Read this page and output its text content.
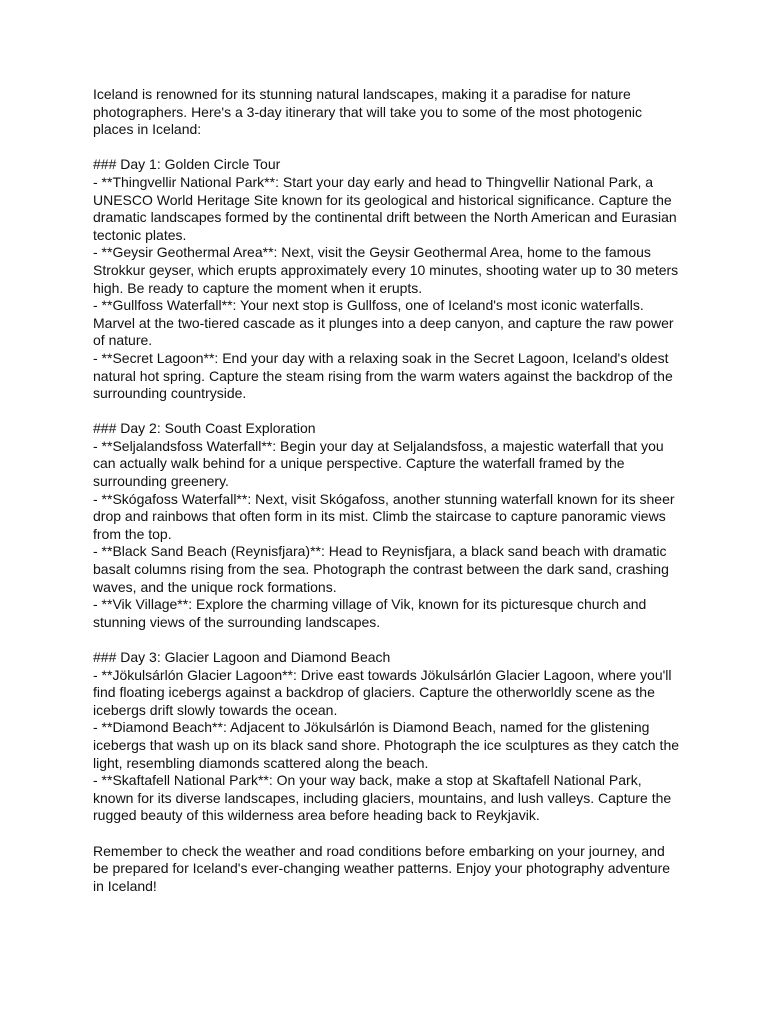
Iceland is renowned for its stunning natural landscapes, making it a paradise for nature photographers. Here's a 3-day itinerary that will take you to some of the most photogenic places in Iceland:

### Day 1: Golden Circle Tour

- **Thingvellir National Park**: Start your day early and head to Thingvellir National Park, a UNESCO World Heritage Site known for its geological and historical significance. Capture the dramatic landscapes formed by the continental drift between the North American and Eurasian tectonic plates.

- **Geysir Geothermal Area**: Next, visit the Geysir Geothermal Area, home to the famous Strokkur geyser, which erupts approximately every 10 minutes, shooting water up to 30 meters high. Be ready to capture the moment when it erupts.

- **Gullfoss Waterfall**: Your next stop is Gullfoss, one of Iceland's most iconic waterfalls. Marvel at the two-tiered cascade as it plunges into a deep canyon, and capture the raw power of nature.

- **Secret Lagoon**: End your day with a relaxing soak in the Secret Lagoon, Iceland's oldest natural hot spring. Capture the steam rising from the warm waters against the backdrop of the surrounding countryside.

### Day 2: South Coast Exploration

- **Seljalandsfoss Waterfall**: Begin your day at Seljalandsfoss, a majestic waterfall that you can actually walk behind for a unique perspective. Capture the waterfall framed by the surrounding greenery.

- **Skógafoss Waterfall**: Next, visit Skógafoss, another stunning waterfall known for its sheer drop and rainbows that often form in its mist. Climb the staircase to capture panoramic views from the top.

- **Black Sand Beach (Reynisfjara)**: Head to Reynisfjara, a black sand beach with dramatic basalt columns rising from the sea. Photograph the contrast between the dark sand, crashing waves, and the unique rock formations.

- **Vik Village**: Explore the charming village of Vik, known for its picturesque church and stunning views of the surrounding landscapes.

### Day 3: Glacier Lagoon and Diamond Beach

- **Jökulsárlón Glacier Lagoon**: Drive east towards Jökulsárlón Glacier Lagoon, where you'll find floating icebergs against a backdrop of glaciers. Capture the otherworldly scene as the icebergs drift slowly towards the ocean.

- **Diamond Beach**: Adjacent to Jökulsárlón is Diamond Beach, named for the glistening icebergs that wash up on its black sand shore. Photograph the ice sculptures as they catch the light, resembling diamonds scattered along the beach.

- **Skaftafell National Park**: On your way back, make a stop at Skaftafell National Park, known for its diverse landscapes, including glaciers, mountains, and lush valleys. Capture the rugged beauty of this wilderness area before heading back to Reykjavik.

Remember to check the weather and road conditions before embarking on your journey, and be prepared for Iceland's ever-changing weather patterns. Enjoy your photography adventure in Iceland!
